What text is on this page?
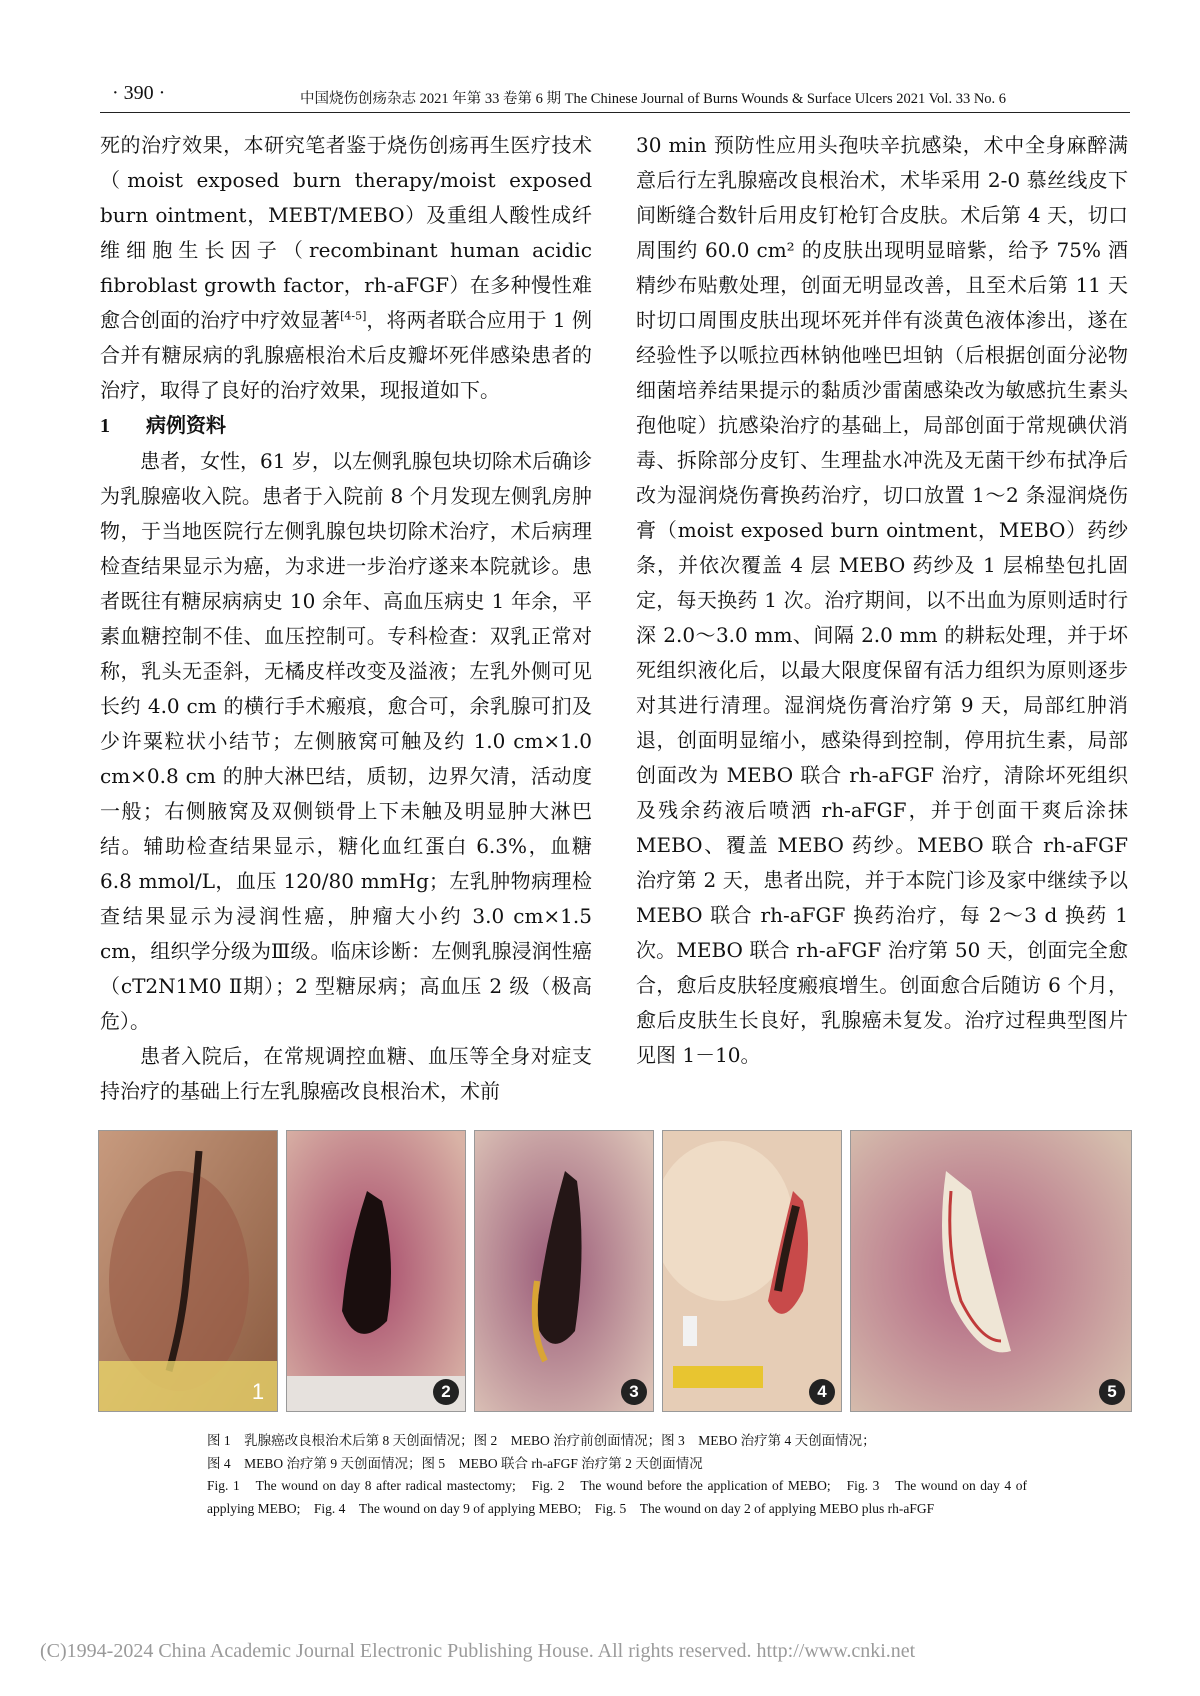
· 390 ·	中国烧伤创疡杂志 2021 年第 33 卷第 6 期 The Chinese Journal of Burns Wounds & Surface Ulcers 2021 Vol. 33 No. 6

死的治疗效果，本研究笔者鉴于烧伤创疡再生医疗技术（moist exposed burn therapy/moist exposed burn ointment，MEBT/MEBO）及重组人酸性成纤维细胞生长因子（recombinant human acidic fibroblast growth factor，rh-aFGF）在多种慢性难愈合创面的治疗中疗效显著[4-5]，将两者联合应用于 1 例合并有糖尿病的乳腺癌根治术后皮瓣坏死伴感染患者的治疗，取得了良好的治疗效果，现报道如下。

1 病例资料

患者，女性，61 岁，以左侧乳腺包块切除术后确诊为乳腺癌收入院。患者于入院前 8 个月发现左侧乳房肿物，于当地医院行左侧乳腺包块切除术治疗，术后病理检查结果显示为癌，为求进一步治疗遂来本院就诊。患者既往有糖尿病病史 10 余年、高血压病史 1 年余，平素血糖控制不佳、血压控制可。专科检查：双乳正常对称，乳头无歪斜，无橘皮样改变及溢液；左乳外侧可见长约 4.0 cm 的横行手术瘢痕，愈合可，余乳腺可扪及少许粟粒状小结节；左侧腋窝可触及约 1.0 cm×1.0 cm×0.8 cm 的肿大淋巴结，质韧，边界欠清，活动度一般；右侧腋窝及双侧锁骨上下未触及明显肿大淋巴结。辅助检查结果显示，糖化血红蛋白 6.3%，血糖 6.8 mmol/L，血压 120/80 mmHg；左乳肿物病理检查结果显示为浸润性癌，肿瘤大小约 3.0 cm×1.5 cm，组织学分级为Ⅲ级。临床诊断：左侧乳腺浸润性癌（cT2N1M0 Ⅱ期）；2 型糖尿病；高血压 2 级（极高危）。

患者入院后，在常规调控血糖、血压等全身对症支持治疗的基础上行左乳腺癌改良根治术，术前

30 min 预防性应用头孢呋辛抗感染，术中全身麻醉满意后行左乳腺癌改良根治术，术毕采用 2-0 慕丝线皮下间断缝合数针后用皮钉枪钉合皮肤。术后第 4 天，切口周围约 60.0 cm² 的皮肤出现明显暗紫，给予 75% 酒精纱布贴敷处理，创面无明显改善，且至术后第 11 天时切口周围皮肤出现坏死并伴有淡黄色液体渗出，遂在经验性予以哌拉西林钠他唑巴坦钠（后根据创面分泌物细菌培养结果提示的黏质沙雷菌感染改为敏感抗生素头孢他啶）抗感染治疗的基础上，局部创面于常规碘伏消毒、拆除部分皮钉、生理盐水冲洗及无菌干纱布拭净后改为湿润烧伤膏换药治疗，切口放置 1～2 条湿润烧伤膏（moist exposed burn ointment，MEBO）药纱条，并依次覆盖 4 层 MEBO 药纱及 1 层棉垫包扎固定，每天换药 1 次。治疗期间，以不出血为原则适时行深 2.0～3.0 mm、间隔 2.0 mm 的耕耘处理，并于坏死组织液化后，以最大限度保留有活力组织为原则逐步对其进行清理。湿润烧伤膏治疗第 9 天，局部红肿消退，创面明显缩小，感染得到控制，停用抗生素，局部创面改为 MEBO 联合 rh-aFGF 治疗，清除坏死组织及残余药液后喷洒 rh-aFGF，并于创面干爽后涂抹 MEBO、覆盖 MEBO 药纱。MEBO 联合 rh-aFGF 治疗第 2 天，患者出院，并于本院门诊及家中继续予以 MEBO 联合 rh-aFGF 换药治疗，每 2～3 d 换药 1 次。MEBO 联合 rh-aFGF 治疗第 50 天，创面完全愈合，愈后皮肤轻度瘢痕增生。创面愈合后随访 6 个月，愈后皮肤生长良好，乳腺癌未复发。治疗过程典型图片见图 1－10。

1	2	3	4	5

图 1　乳腺癌改良根治术后第 8 天创面情况；图 2　MEBO 治疗前创面情况；图 3　MEBO 治疗第 4 天创面情况；

图 4　MEBO 治疗第 9 天创面情况；图 5　MEBO 联合 rh-aFGF 治疗第 2 天创面情况

Fig. 1　The wound on day 8 after radical mastectomy;　Fig. 2　The wound before the application of MEBO;　Fig. 3　The wound on day 4 of applying MEBO;　Fig. 4　The wound on day 9 of applying MEBO;　Fig. 5　The wound on day 2 of applying MEBO plus rh-aFGF

(C)1994-2024 China Academic Journal Electronic Publishing House. All rights reserved. http://www.cnki.net
